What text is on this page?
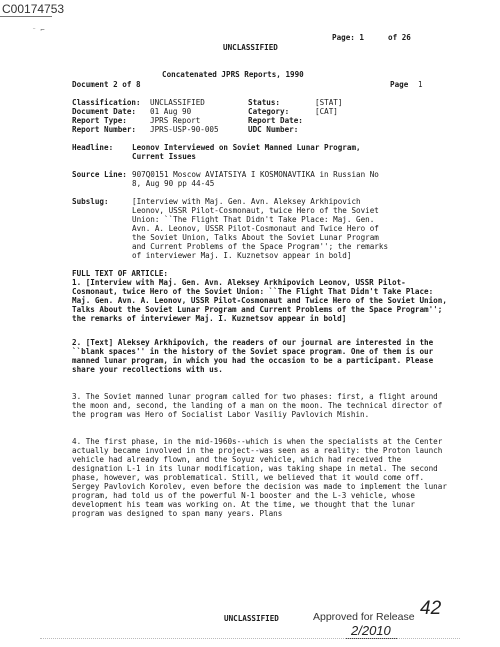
C00174753
⁻ ⌐
Page: 1	of 26
UNCLASSIFIED
Concatenated JPRS Reports, 1990
Document 2 of 8	Page 1
Classification: UNCLASSIFIED	Status:	[STAT]
Document Date: 01 Aug 90	Category:	[CAT]
Report Type:	JPRS Report	Report Date:
Report Number: JPRS-USP-90-005	UDC Number:
Headline:	Leonov Interviewed on Soviet Manned Lunar Program, Current Issues
Source Line: 907Q0151 Moscow AVIATSIYA I KOSMONAVTIKA in Russian No 8, Aug 90 pp 44-45
Subslug:	[Interview with Maj. Gen. Avn. Aleksey Arkhipovich Leonov, USSR Pilot-Cosmonaut, twice Hero of the Soviet Union: ``The Flight That Didn't Take Place: Maj. Gen. Avn. A. Leonov, USSR Pilot-Cosmonaut and Twice Hero of the Soviet Union, Talks About the Soviet Lunar Program and Current Problems of the Space Program''; the remarks of interviewer Maj. I. Kuznetsov appear in bold]
FULL TEXT OF ARTICLE:

1. [Interview with Maj. Gen. Avn. Aleksey Arkhipovich Leonov, USSR Pilot-Cosmonaut, twice Hero of the Soviet Union: ``The Flight That Didn't Take Place: Maj. Gen. Avn. A. Leonov, USSR Pilot-Cosmonaut and Twice Hero of the Soviet Union, Talks About the Soviet Lunar Program and Current Problems of the Space Program''; the remarks of interviewer Maj. I. Kuznetsov appear in bold]

2. [Text] Aleksey Arkhipovich, the readers of our journal are interested in the ``blank spaces'' in the history of the Soviet space program. One of them is our manned lunar program, in which you had the occasion to be a participant. Please share your recollections with us.

3. The Soviet manned lunar program called for two phases: first, a flight around the moon and, second, the landing of a man on the moon. The technical director of the program was Hero of Socialist Labor Vasiliy Pavlovich Mishin.

4. The first phase, in the mid-1960s--which is when the specialists at the Center actually became involved in the project--was seen as a reality: the Proton launch vehicle had already flown, and the Soyuz vehicle, which had received the designation L-1 in its lunar modification, was taking shape in metal. The second phase, however, was problematical. Still, we believed that it would come off. Sergey Pavlovich Korolev, even before the decision was made to implement the lunar program, had told us of the powerful N-1 booster and the L-3 vehicle, whose development his team was working on. At the time, we thought that the lunar program was designed to span many years. Plans

42
UNCLASSIFIED	Approved for Release
2/2010
